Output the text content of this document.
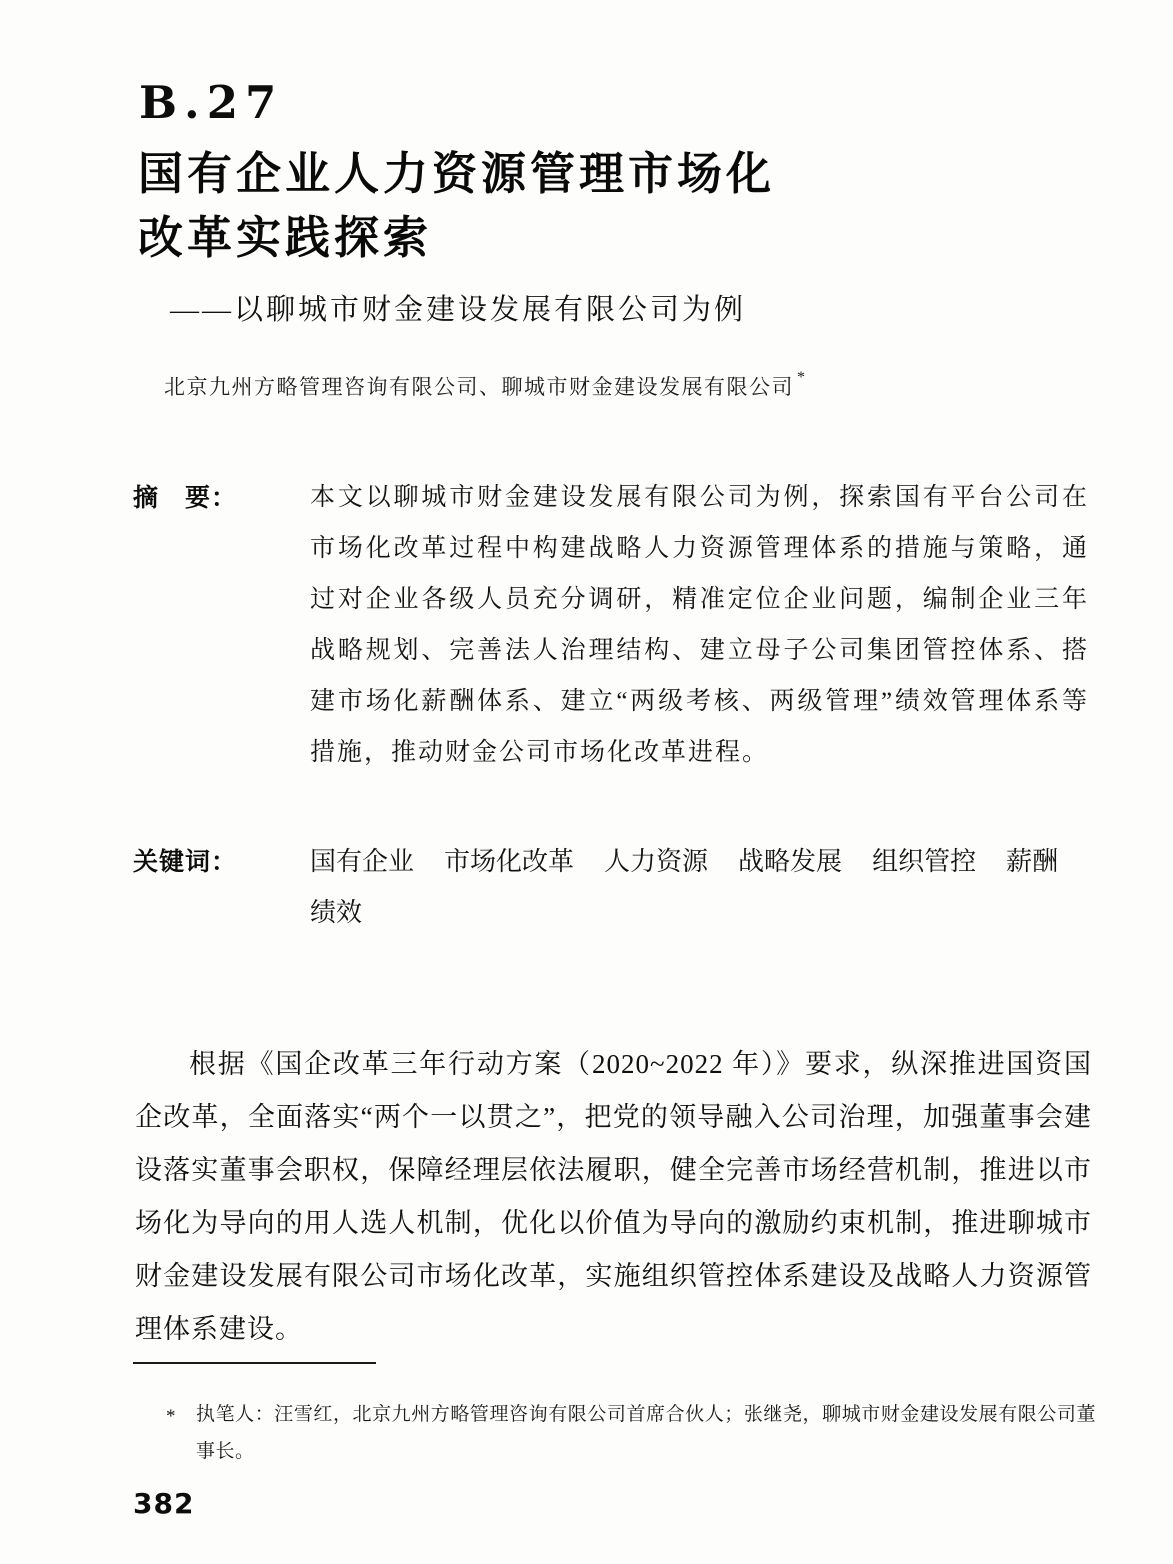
B.27
国有企业人力资源管理市场化
改革实践探索
——以聊城市财金建设发展有限公司为例
北京九州方略管理咨询有限公司、聊城市财金建设发展有限公司 *
摘　要：	本文以聊城市财金建设发展有限公司为例，探索国有平台公司在市场化改革过程中构建战略人力资源管理体系的措施与策略，通过对企业各级人员充分调研，精准定位企业问题，编制企业三年战略规划、完善法人治理结构、建立母子公司集团管控体系、搭建市场化薪酬体系、建立“两级考核、两级管理”绩效管理体系等措施，推动财金公司市场化改革进程。
关键词：	国有企业 市场化改革 人力资源 战略发展 组织管控 薪酬
绩效
根据《国企改革三年行动方案（2020~2022 年）》要求，纵深推进国资国企改革，全面落实“两个一以贯之”，把党的领导融入公司治理，加强董事会建设落实董事会职权，保障经理层依法履职，健全完善市场经营机制，推进以市场化为导向的用人选人机制，优化以价值为导向的激励约束机制，推进聊城市财金建设发展有限公司市场化改革，实施组织管控体系建设及战略人力资源管理体系建设。
*	执笔人：汪雪红，北京九州方略管理咨询有限公司首席合伙人；张继尧，聊城市财金建设发展有限公司董事长。
382
